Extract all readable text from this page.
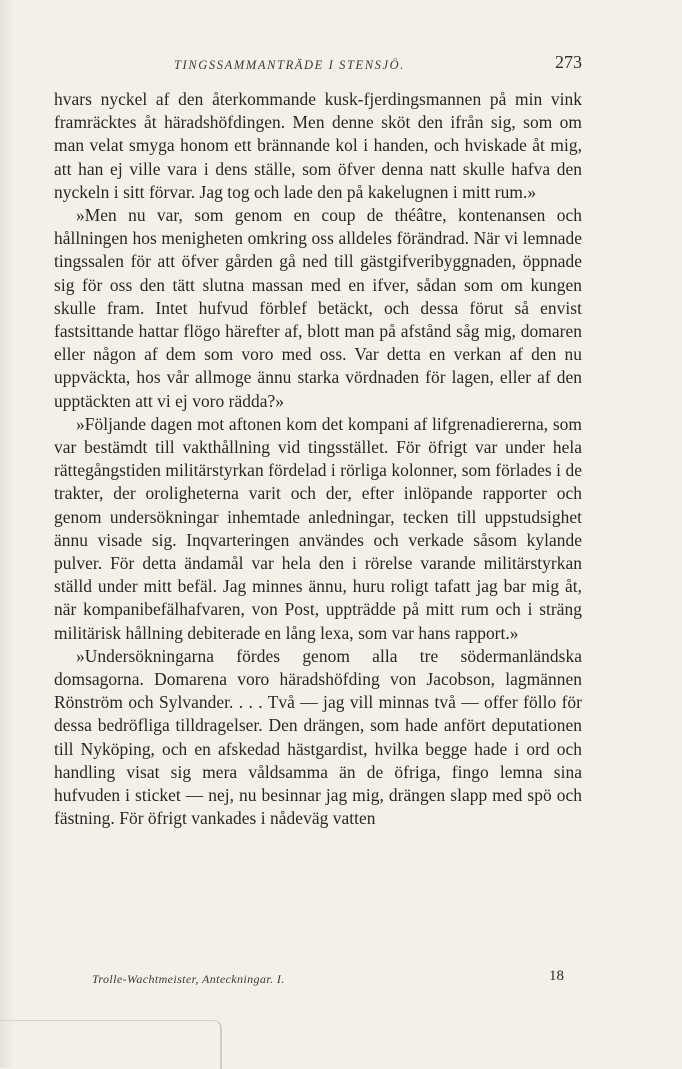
TINGSSAMMANTRÄDE I STENSJÖ.	273

hvars nyckel af den återkommande kusk-fjerdingsmannen på min vink framräcktes åt häradshöfdingen. Men denne sköt den ifrån sig, som om man velat smyga honom ett brännande kol i handen, och hviskade åt mig, att han ej ville vara i dens ställe, som öfver denna natt skulle hafva den nyckeln i sitt förvar. Jag tog och lade den på kakelugnen i mitt rum.»

»Men nu var, som genom en coup de théâtre, kontenansen och hållningen hos menigheten omkring oss alldeles förändrad. När vi lemnade tingssalen för att öfver gården gå ned till gästgifveribyggnaden, öppnade sig för oss den tätt slutna massan med en ifver, sådan som om kungen skulle fram. Intet hufvud förblef betäckt, och dessa förut så envist fastsittande hattar flögo härefter af, blott man på afstånd såg mig, domaren eller någon af dem som voro med oss. Var detta en verkan af den nu uppväckta, hos vår allmoge ännu starka vördnaden för lagen, eller af den upptäckten att vi ej voro rädda?»

»Följande dagen mot aftonen kom det kompani af lifgrenadiererna, som var bestämdt till vakthållning vid tingsstället. För öfrigt var under hela rättegångstiden militärstyrkan fördelad i rörliga kolonner, som förlades i de trakter, der oroligheterna varit och der, efter inlöpande rapporter och genom undersökningar inhemtade anledningar, tecken till uppstudsighet ännu visade sig. Inqvarteringen användes och verkade såsom kylande pulver. För detta ändamål var hela den i rörelse varande militärstyrkan ställd under mitt befäl. Jag minnes ännu, huru roligt tafatt jag bar mig åt, när kompanibefälhafvaren, von Post, uppträdde på mitt rum och i sträng militärisk hållning debiterade en lång lexa, som var hans rapport.»

»Undersökningarna fördes genom alla tre södermanländska domsagorna. Domarena voro häradshöfding von Jacobson, lagmännen Rönström och Sylvander. . . . Två — jag vill minnas två — offer föllo för dessa bedröfliga tilldragelser. Den drängen, som hade anfört deputationen till Nyköping, och en afskedad hästgardist, hvilka begge hade i ord och handling visat sig mera våldsamma än de öfriga, fingo lemna sina hufvuden i sticket — nej, nu besinnar jag mig, drängen slapp med spö och fästning. För öfrigt vankades i nådeväg vatten

Trolle-Wachtmeister, Anteckningar. I.	18
